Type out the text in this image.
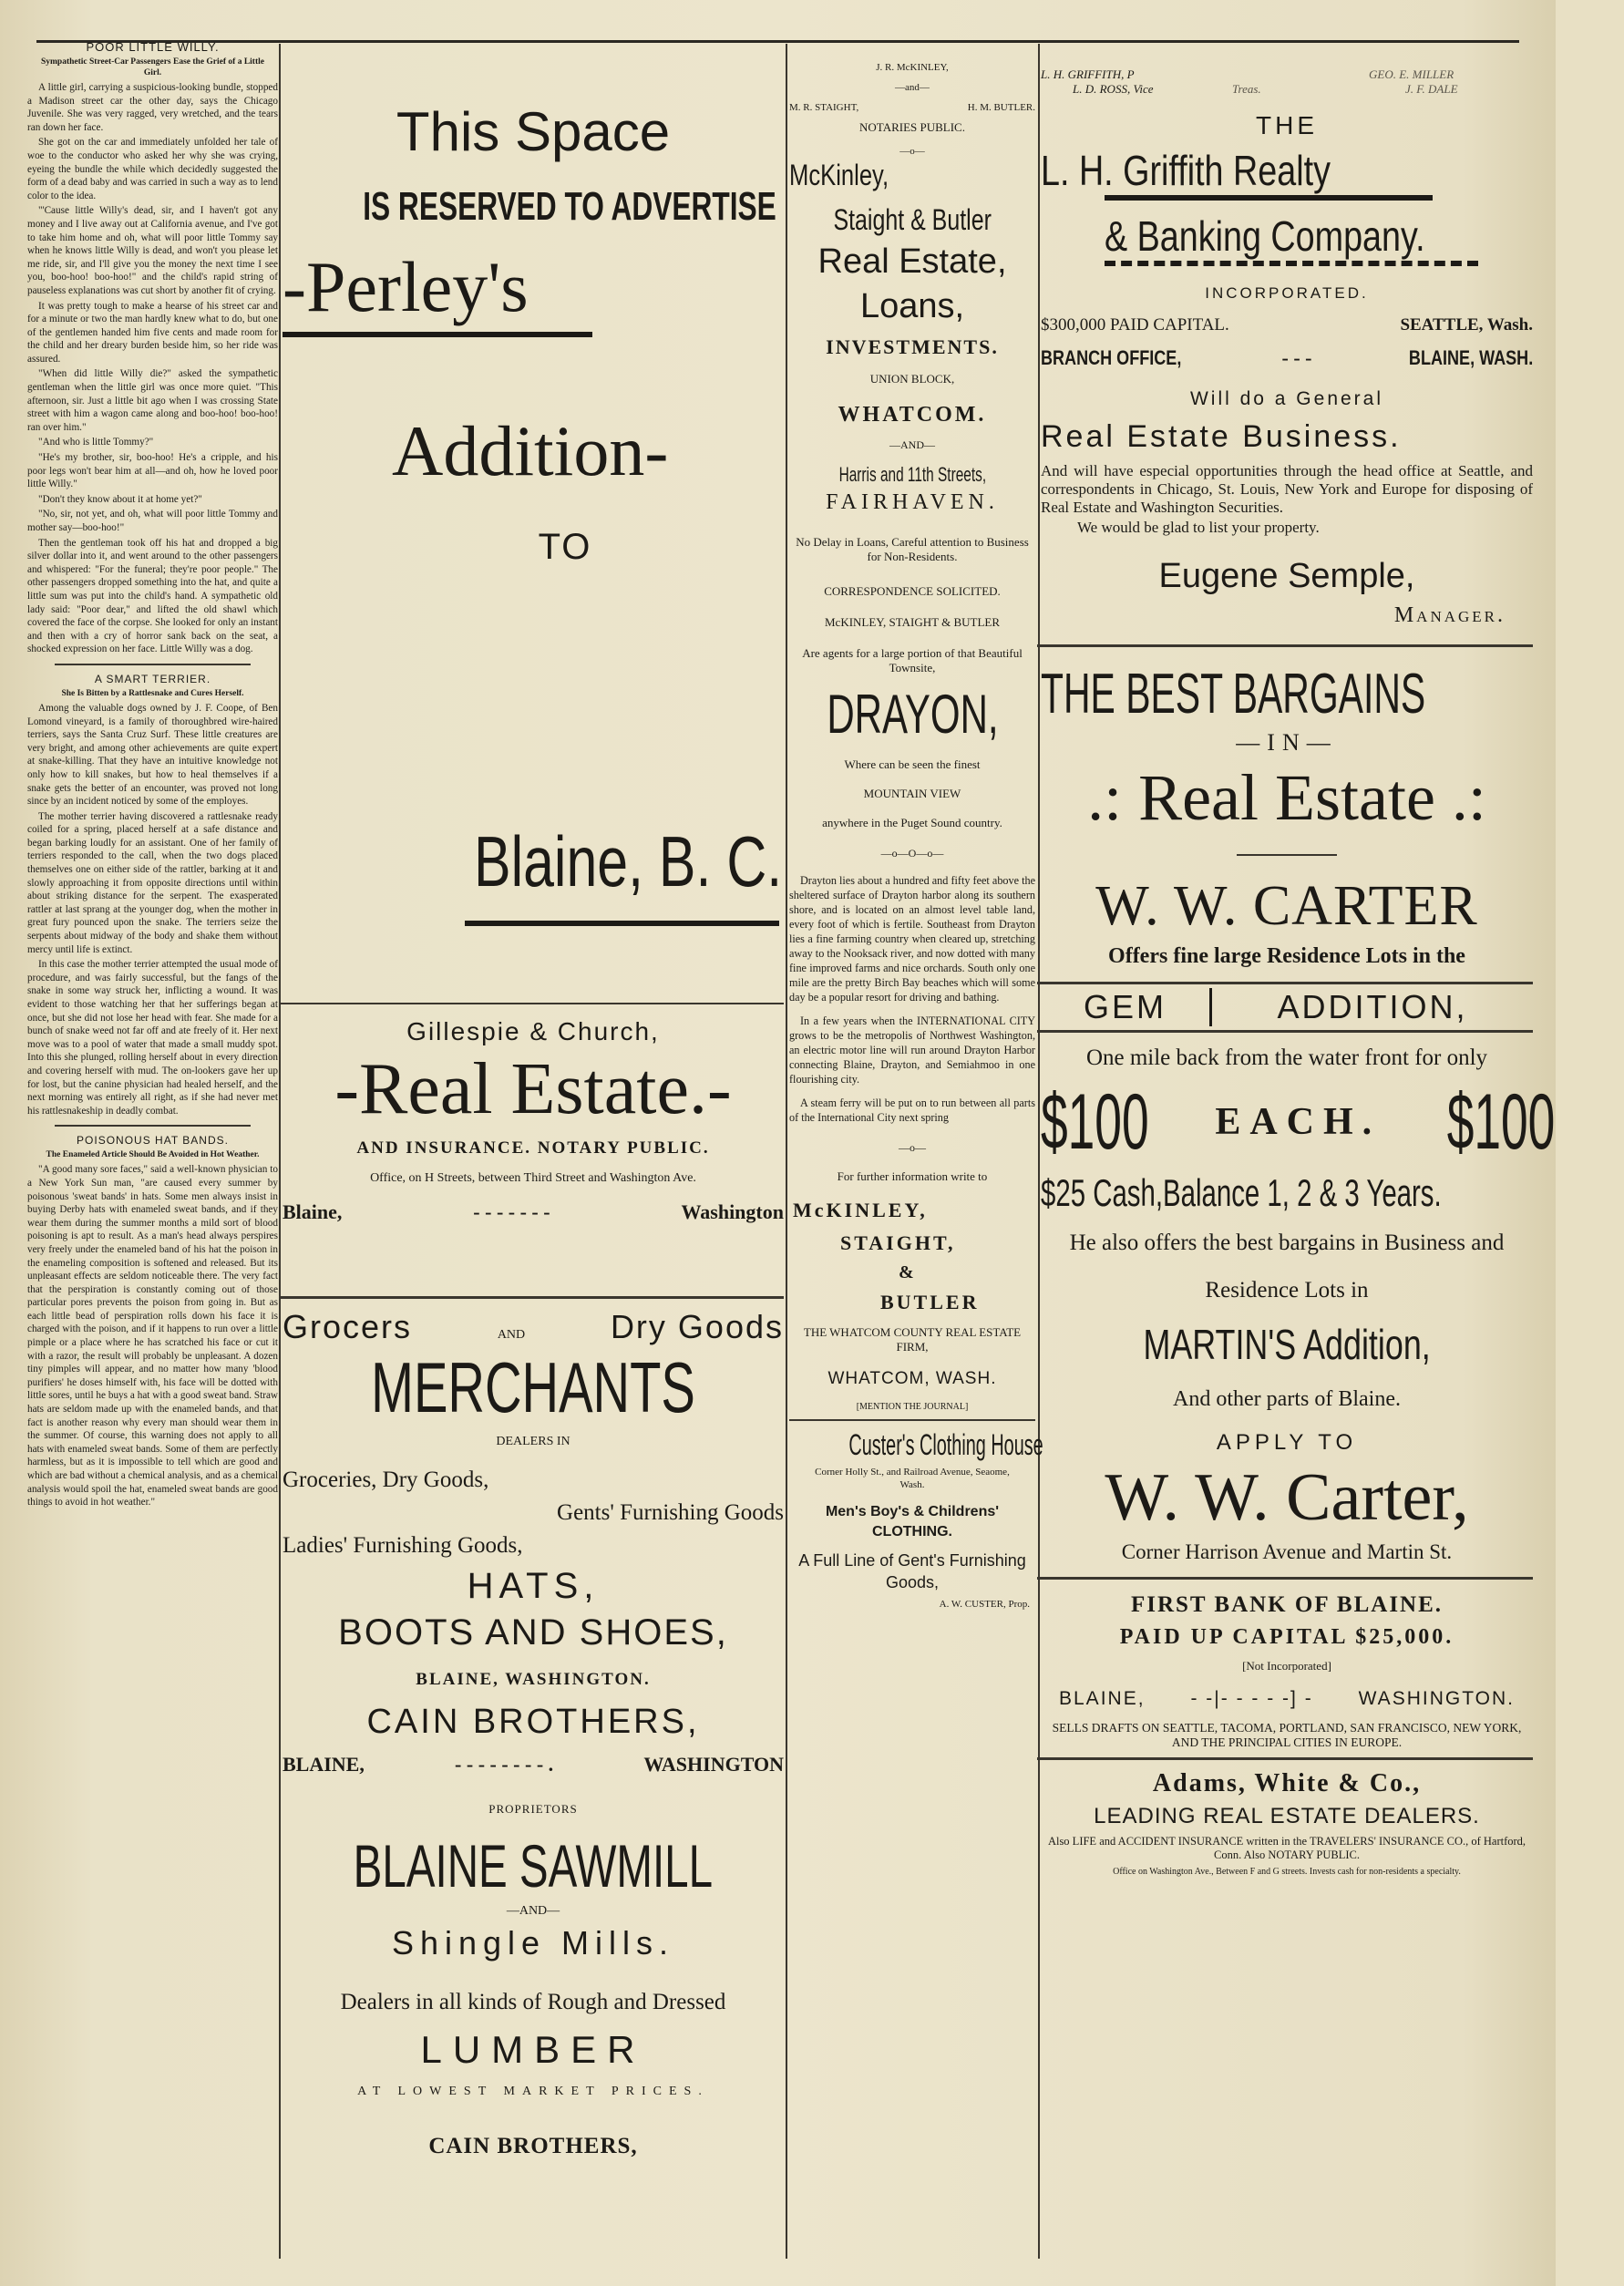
POOR LITTLE WILLY.
Sympathetic Street-Car Passengers Ease the Grief of a Little Girl.

A little girl, carrying a suspicious-looking bundle, stopped a Madison street car the other day, says the Chicago Juvenile. She was very ragged, very wretched, and the tears ran down her face.

She got on the car and immediately unfolded her tale of woe to the conductor who asked her why she was crying, eyeing the bundle the while which decidedly suggested the form of a dead baby and was carried in such a way as to lend color to the idea.

"'Cause little Willy's dead, sir, and I haven't got any money and I live away out at California avenue, and I've got to take him home and oh, what will poor little Tommy say when he knows little Willy is dead, and won't you please let me ride, sir, and I'll give you the money the next time I see you, boo-hoo! boo-hoo!" and the child's rapid string of pauseless explanations was cut short by another fit of crying.

It was pretty tough to make a hearse of his street car and for a minute or two the man hardly knew what to do, but one of the gentlemen handed him five cents and made room for the child and her dreary burden beside him, so her ride was assured.

"When did little Willy die?" asked the sympathetic gentleman when the little girl was once more quiet. "This afternoon, sir. Just a little bit ago when I was crossing State street with him a wagon came along and boo-hoo! boo-hoo! ran over him."

"And who is little Tommy?"

"He's my brother, sir, boo-hoo! He's a cripple, and his poor legs won't bear him at all—and oh, how he loved poor little Willy."

"Don't they know about it at home yet?"

"No, sir, not yet, and oh, what will poor little Tommy and mother say—boo-hoo!"

Then the gentleman took off his hat and dropped a big silver dollar into it, and went around to the other passengers and whispered: "For the funeral; they're poor people." The other passengers dropped something into the hat, and quite a little sum was put into the child's hand. A sympathetic old lady said: "Poor dear," and lifted the old shawl which covered the face of the corpse. She looked for only an instant and then with a cry of horror sank back on the seat, a shocked expression on her face. Little Willy was a dog.

A SMART TERRIER.
She Is Bitten by a Rattlesnake and Cures Herself.

Among the valuable dogs owned by J. F. Coope, of Ben Lomond vineyard, is a family of thoroughbred wire-haired terriers, says the Santa Cruz Surf. These little creatures are very bright, and among other achievements are quite expert at snake-killing. That they have an intuitive knowledge not only how to kill snakes, but how to heal themselves if a snake gets the better of an encounter, was proved not long since by an incident noticed by some of the employes.

The mother terrier having discovered a rattlesnake ready coiled for a spring, placed herself at a safe distance and began barking loudly for an assistant. One of her family of terriers responded to the call, when the two dogs placed themselves one on either side of the rattler, barking at it and slowly approaching it from opposite directions until within about striking distance for the serpent. The exasperated rattler at last sprang at the younger dog, when the mother in great fury pounced upon the snake. The terriers seize the serpents about midway of the body and shake them without mercy until life is extinct.

In this case the mother terrier attempted the usual mode of procedure, and was fairly successful, but the fangs of the snake in some way struck her, inflicting a wound. It was evident to those watching her that her sufferings began at once, but she did not lose her head with fear. She made for a bunch of snake weed not far off and ate freely of it. Her next move was to a pool of water that made a small muddy spot. Into this she plunged, rolling herself about in every direction and covering herself with mud. The on-lookers gave her up for lost, but the canine physician had healed herself, and the next morning was entirely all right, as if she had never met his rattlesnakeship in deadly combat.

POISONOUS HAT BANDS.
The Enameled Article Should Be Avoided in Hot Weather.

"A good many sore faces," said a well-known physician to a New York Sun man, "are caused every summer by poisonous 'sweat bands' in hats. Some men always insist in buying Derby hats with enameled sweat bands, and if they wear them during the summer months a mild sort of blood poisoning is apt to result. As a man's head always perspires very freely under the enameled band of his hat the poison in the enameling composition is softened and released. But its unpleasant effects are seldom noticeable there. The very fact that the perspiration is constantly coming out of those particular pores prevents the poison from going in. But as each little bead of perspiration rolls down his face it is charged with the poison, and if it happens to run over a little pimple or a place where he has scratched his face or cut it with a razor, the result will probably be unpleasant. A dozen tiny pimples will appear, and no matter how many 'blood purifiers' he doses himself with, his face will be dotted with little sores, until he buys a hat with a good sweat band. Straw hats are seldom made up with the enameled bands, and that fact is another reason why every man should wear them in the summer. Of course, this warning does not apply to all hats with enameled sweat bands. Some of them are perfectly harmless, but as it is impossible to tell which are good and which are bad without a chemical analysis, and as a chemical analysis would spoil the hat, enameled sweat bands are good things to avoid in hot weather."

This Space
IS RESERVED TO ADVERTISE
-Perley's
Addition-
TO
Blaine, B. C.
Gillespie & Church,
-Real Estate.-
AND INSURANCE. NOTARY PUBLIC.
Office, on H Streets, between Third Street and Washington Ave.
Blaine,	- - - - - - -	Washington
Grocers	AND	Dry Goods
MERCHANTS
DEALERS IN
Groceries, Dry Goods,
Gents' Furnishing Goods
Ladies' Furnishing Goods,
HATS,
BOOTS AND SHOES,
BLAINE, WASHINGTON.
CAIN BROTHERS,
BLAINE,	- - - - - - - - .	WASHINGTON
PROPRIETORS
BLAINE SAWMILL
—AND—
Shingle Mills.
Dealers in all kinds of Rough and Dressed
LUMBER
AT LOWEST MARKET PRICES.
CAIN BROTHERS,
J. R. McKINLEY,
—and—
M. R. STAIGHT,	H. M. BUTLER.
NOTARIES PUBLIC.
—o—
McKinley,
Staight & Butler
Real Estate,
Loans,
INVESTMENTS.
UNION BLOCK,
WHATCOM.
—AND—
Harris and 11th Streets,
FAIRHAVEN.
No Delay in Loans, Careful attention to Business for Non-Residents.
CORRESPONDENCE SOLICITED.
McKINLEY, STAIGHT & BUTLER
Are agents for a large portion of that Beautiful Townsite,
DRAYON,
Where can be seen the finest
MOUNTAIN VIEW
anywhere in the Puget Sound country.
—o—O—o—

Drayton lies about a hundred and fifty feet above the sheltered surface of Drayton harbor along its southern shore, and is located on an almost level table land, every foot of which is fertile. Southeast from Drayton lies a fine farming country when cleared up, stretching away to the Nooksack river, and now dotted with many fine improved farms and nice orchards. South only one mile are the pretty Birch Bay beaches which will some day be a popular resort for driving and bathing.

In a few years when the INTERNATIONAL CITY grows to be the metropolis of Northwest Washington, an electric motor line will run around Drayton Harbor connecting Blaine, Drayton, and Semiahmoo in one flourishing city.

A steam ferry will be put on to run between all parts of the International City next spring

—o—
For further information write to
McKINLEY,
STAIGHT,
&
BUTLER
THE WHATCOM COUNTY REAL ESTATE FIRM,
WHATCOM, WASH.
[MENTION THE JOURNAL]
Custer's Clothing House
Corner Holly St., and Railroad Avenue, Seaome, Wash.
Men's Boy's & Childrens' CLOTHING.
A Full Line of Gent's Furnishing Goods,
A. W. CUSTER, Prop.
L. H. GRIFFITH, P
L. D. ROSS, Vice	Treas.
GEO. E. MILLER
J. F. DALE
THE
L. H. Griffith Realty
& Banking Company.
INCORPORATED.
$300,000 PAID CAPITAL.	SEATTLE, Wash.
BRANCH OFFICE,	- - -	BLAINE, WASH.
Will do a General
Real Estate Business.
And will have especial opportunities through the head office at Seattle, and correspondents in Chicago, St. Louis, New York and Europe for disposing of Real Estate and Washington Securities.
We would be glad to list your property.
Eugene Semple,
Manager.
THE BEST BARGAINS
—IN—
.: Real Estate .:
W. W. CARTER
Offers fine large Residence Lots in the
GEM	ADDITION,
One mile back from the water front for only
$100	EACH. $100
$25 Cash,Balance 1, 2 & 3 Years.
He also offers the best bargains in Business and Residence Lots in
MARTIN'S Addition,
And other parts of Blaine.
APPLY TO
W. W. Carter,
Corner Harrison Avenue and Martin St.
FIRST BANK OF BLAINE.
PAID UP CAPITAL $25,000.
[Not Incorporated]
BLAINE, - -|- - - - -] - WASHINGTON.
SELLS DRAFTS ON SEATTLE, TACOMA, PORTLAND, SAN FRANCISCO, NEW YORK, AND THE PRINCIPAL CITIES IN EUROPE.
Adams, White & Co.,
LEADING REAL ESTATE DEALERS.
Also LIFE and ACCIDENT INSURANCE written in the TRAVELERS' INSURANCE CO., of Hartford, Conn. Also NOTARY PUBLIC.
Office on Washington Ave., Between F and G streets. Invests cash for non-residents a specialty.
